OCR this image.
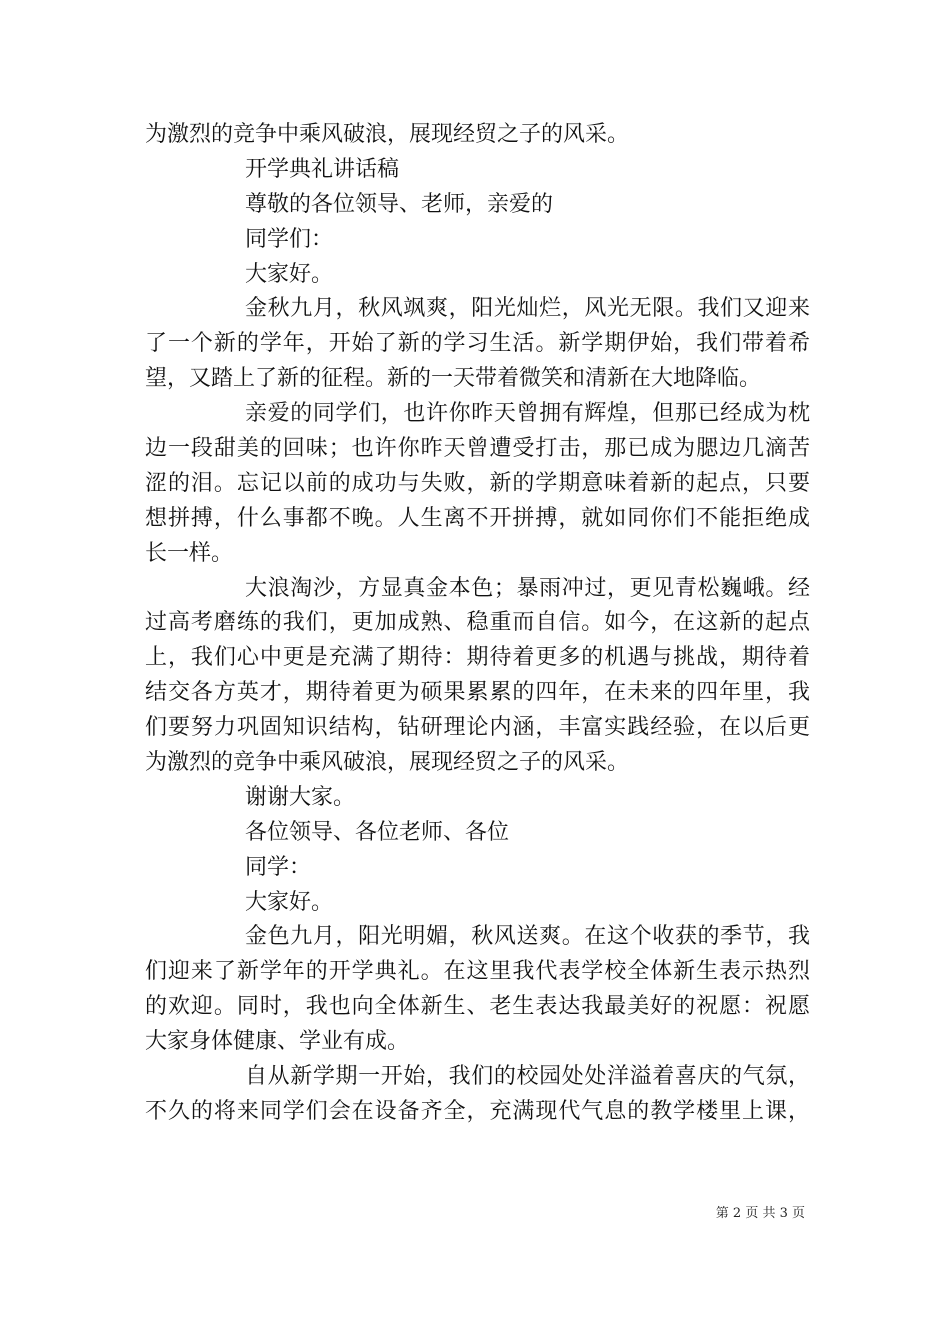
为激烈的竞争中乘风破浪，展现经贸之子的风采。
开学典礼讲话稿
尊敬的各位领导、老师，亲爱的
同学们：
大家好。
金秋九月，秋风飒爽，阳光灿烂，风光无限。我们又迎来
了一个新的学年，开始了新的学习生活。新学期伊始，我们带着希
望，又踏上了新的征程。新的一天带着微笑和清新在大地降临。
亲爱的同学们，也许你昨天曾拥有辉煌，但那已经成为枕
边一段甜美的回味；也许你昨天曾遭受打击，那已成为腮边几滴苦
涩的泪。忘记以前的成功与失败，新的学期意味着新的起点，只要
想拼搏，什么事都不晚。人生离不开拼搏，就如同你们不能拒绝成
长一样。
大浪淘沙，方显真金本色；暴雨冲过，更见青松巍峨。经
过高考磨练的我们，更加成熟、稳重而自信。如今，在这新的起点
上，我们心中更是充满了期待：期待着更多的机遇与挑战，期待着
结交各方英才，期待着更为硕果累累的四年，在未来的四年里，我
们要努力巩固知识结构，钻研理论内涵，丰富实践经验，在以后更
为激烈的竞争中乘风破浪，展现经贸之子的风采。
谢谢大家。
各位领导、各位老师、各位
同学：
大家好。
金色九月，阳光明媚，秋风送爽。在这个收获的季节，我
们迎来了新学年的开学典礼。在这里我代表学校全体新生表示热烈
的欢迎。同时，我也向全体新生、老生表达我最美好的祝愿：祝愿
大家身体健康、学业有成。
自从新学期一开始，我们的校园处处洋溢着喜庆的气氛，
不久的将来同学们会在设备齐全，充满现代气息的教学楼里上课，
第 2 页 共 3 页
